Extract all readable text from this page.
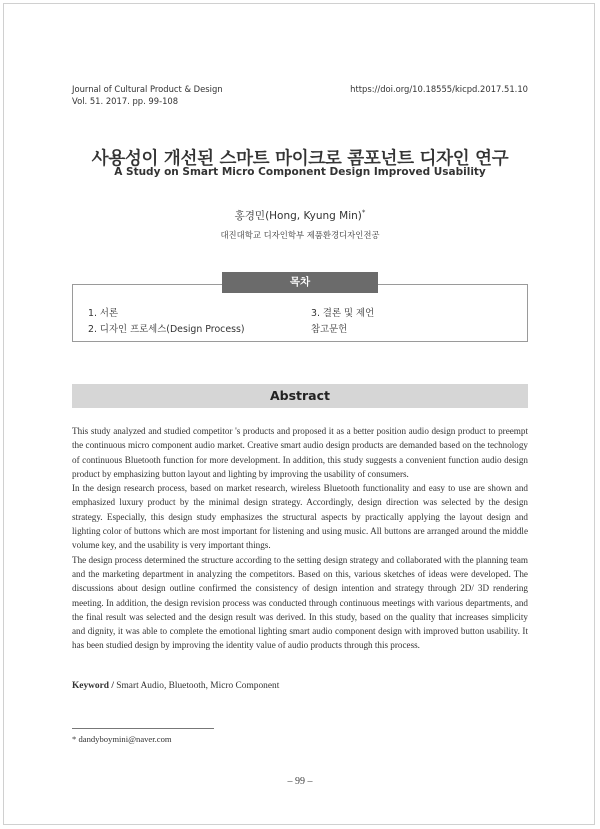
Journal of Cultural Product & Design
Vol. 51. 2017. pp. 99-108
https://doi.org/10.18555/kicpd.2017.51.10
사용성이 개선된 스마트 마이크로 콤포넌트 디자인 연구
A Study on Smart Micro Component Design Improved Usability
홍경민(Hong, Kyung Min)*
대진대학교 디자인학부 제품환경디자인전공
목차
1. 서론
2. 디자인 프로세스(Design Process)
3. 결론 및 제언
참고문헌
Abstract

This study analyzed and studied competitor 's products and proposed it as a better position audio design product to preempt the continuous micro component audio market. Creative smart audio design products are demanded based on the technology of continuous Bluetooth function for more development. In addition, this study suggests a convenient function audio design product by emphasizing button layout and lighting by improving the usability of consumers.

In the design research process, based on market research, wireless Bluetooth functionality and easy to use are shown and emphasized luxury product by the minimal design strategy. Accordingly, design direction was selected by the design strategy. Especially, this design study emphasizes the structural aspects by practically applying the layout design and lighting color of buttons which are most important for listening and using music. All buttons are arranged around the middle volume key, and the usability is very important things.

The design process determined the structure according to the setting design strategy and collaborated with the planning team and the marketing department in analyzing the competitors. Based on this, various sketches of ideas were developed. The discussions about design outline confirmed the consistency of design intention and strategy through 2D/ 3D rendering meeting. In addition, the design revision process was conducted through continuous meetings with various departments, and the final result was selected and the design result was derived. In this study, based on the quality that increases simplicity and dignity, it was able to complete the emotional lighting smart audio component design with improved button usability. It has been studied design by improving the identity value of audio products through this process.

Keyword / Smart Audio, Bluetooth, Micro Component
* dandyboymini@naver.com
– 99 –
